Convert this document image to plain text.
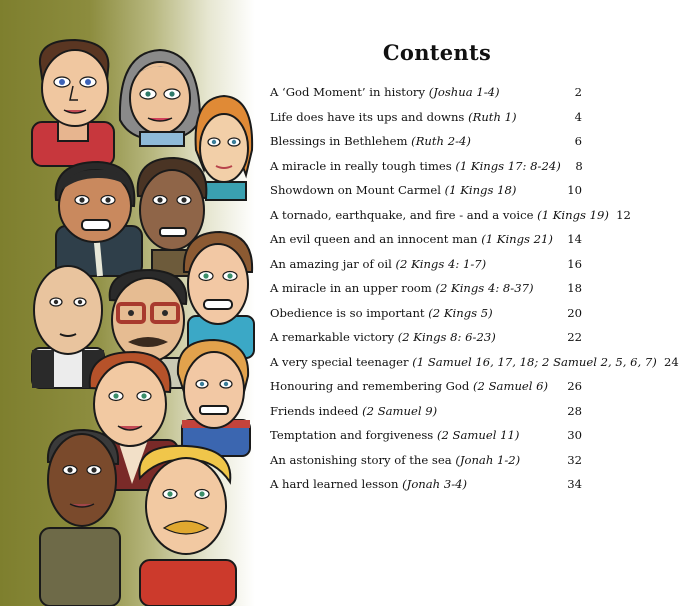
Contents
A ‘God Moment’ in history (Joshua 1-4)	2
Life does have its ups and downs (Ruth 1)	4
Blessings in Bethlehem (Ruth 2-4)	6
A miracle in really tough times (1 Kings 17: 8-24)	8
Showdown on Mount Carmel (1 Kings 18)	10
A tornado, earthquake, and fire - and a voice (1 Kings 19) 12
An evil queen and an innocent man (1 Kings 21)	14
An amazing jar of oil (2 Kings 4: 1-7)	16
A miracle in an upper room (2 Kings 4: 8-37)	18
Obedience is so important (2 Kings 5)	20
A remarkable victory (2 Kings 8: 6-23)	22
A very special teenager (1 Samuel 16, 17, 18; 2 Samuel 2, 5, 6, 7) 24
Honouring and remembering God (2 Samuel 6)	26
Friends indeed (2 Samuel 9)	28
Temptation and forgiveness (2 Samuel 11)	30
An astonishing story of the sea (Jonah 1-2)	32
A hard learned lesson (Jonah 3-4)	34
